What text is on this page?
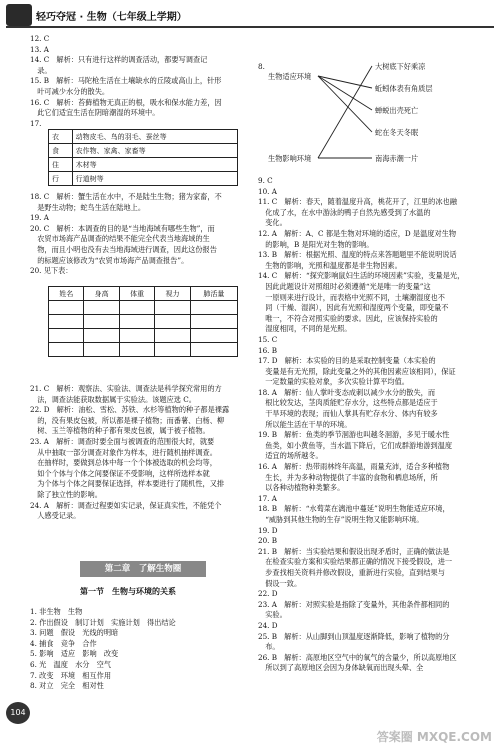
轻巧夺冠 · 生物（七年级上学期）
12. C
13. A
14. C　解析：只有进行这样的调查活动，都要写调查记
　录。
15. B　解析：马陀枪生活在土壤缺水的丘陵或高山上，针形
　叶可减少水分的散失。
16. C　解析：苔藓植物无真正的根，吸水和保水能力差，因
　此它们适宜生活在阴暗潮湿的环境中。
17.
衣	动物皮毛、鸟的羽毛、蚕丝等
食	农作物、家禽、家畜等
住	木材等
行	行道树等
18. C　解析：蟹生活在水中，不是陆生生物；猪为家畜，不
　是野生动物；蛇鸟生活在陆地上。
19. A
20. C　解析：本调查的目的是“当地海域有哪些生物”，而
　农贸市场海产品调查的结果不能完全代表当地海域的生
　物，而且小明也没有去当地海域进行调查，因此这份报告
　的标题应该修改为“农贸市场海产品调查报告”。
20. 见下表：
姓名	身高	体重	视力	肺活量

21. C　解析：观察法、实验法、调查法是科学探究常用的方
　法，调查法能获取数据属于实验法。该题应选 C。
22. D　解析：油松、雪松、苏铁、水杉等植物的种子都是裸露
　的，没有果皮包被，所以都是裸子植物；而番薯、白杨、柳
　树、玉兰等植物的种子都有果皮包被，属于被子植物。
23. A　解析：调查时要全面与被调查的范围很大时，就要
　从中抽取一部分调查对象作为样本，进行随机抽样调查。
　在抽样时，要做到总体中每一个个体被选取的机会均等，
　如个个体与个体之间要保证不受影响，这样所选样本就
　为个体与个体之间要保证选择，样本要进行了随机性，又排
　除了独立性的影响。
24. A　解析：调查过程要如实记录，保证真实性，不能凭个
　人感受记录。
第二章　了解生物圈
第一节　生物与环境的关系
1. 非生物　生物
2. 作出假设　制订计划　实施计划　得出结论
3. 问题　假设　光线的明暗
4. 捕食　竞争　合作
5. 影响　适应　影响　改变
6. 光　温度　水分　空气
7. 改变　环境　相互作用
8. 对立　完全　相对性
8.
生物适应环境
生物影响环境
大树底下好乘凉
蚯蚓体表有角质层
蝉蜕出壳死亡
蛇在冬天冬眠
南海赤潮一片
9. C
10. A
11. C　解析：春天，随着温度升高，桃花开了，江里的冰也融
　化成了水，在水中游泳的鸭子自然先感受到了水温的
　变化。
12. A　解析：A、C 都是生物对环境的适应，D 是温度对生物
　的影响，B 是阳光对生物的影响。
13. B　解析：根据光照、温度的特点来答题题里不能说明说话
　生物的影响，光照和温度都是非生物因素。
14. C　解析：“探究影响鼠妇生活的环境因素”实验，变量是光，
　因此此题设计对照组时必须遵循“光是唯一的变量”这
　一原则来进行设计，而表格中光照不同，土壤潮湿度也不
　同（干燥、湿润），因此有光照和湿度两个变量，即变量不
　唯一，不符合对照实验的要求。因此，应该保持实验的
　湿度相同，不同的是光照。
15. C
16. B
17. D　解析：本实验的目的是采取控制变量（本实验的
　变量是有无光照，除此变量之外的其他因素应该相同），保证
　一定数量的实验对象，多次实验计算平均值。
18. A　解析：仙人掌叶变态成刺以减少水分的散失，而
　根比较发达，茎肉质能贮存水分，这些特点都是适应于
　干旱环境的表现；而仙人掌具有贮存水分、体内有较多
　所以能生活在干旱的环境。
19. B　解析：鱼类的季节洄游也叫越冬洄游，多见于暖水性
　鱼类，如小黄鱼等，当水温下降后，它们成群游地游到温度
　适宜的场所越冬。
16. A　解析：热带雨林终年高温，雨量充沛，适合多种植物
　生长，并为多种动物提供了丰富的食物和栖息场所，所
　以各种动植物种类繁多。
17. A
18. B　解析：“水萄菜在漓池中蔓延”说明生物能适应环境，
　“威胁到其他生物的生存”说明生物又能影响环境。
19. D
20. B
21. B　解析：当实验结果和假设出现矛盾时，正确的做法是
　在检查实验方案和实验结果都正确的情况下接受假设，进一
　步查找相关资料并修改假设，重新进行实验，直到结果与
　假设一致。
22. D
23. A　解析：对照实验是指除了变量外，其他条件都相同的
　实验。
24. D
25. B　解析：从山脚到山顶温度逐渐降低，影响了植物的分
　布。
26. B　解析：高原地区空气中的氧气的含量少，所以高原地区
　所以到了高原地区会因为身体缺氧而出现头晕、全
104
答案圈 MXQE.COM
